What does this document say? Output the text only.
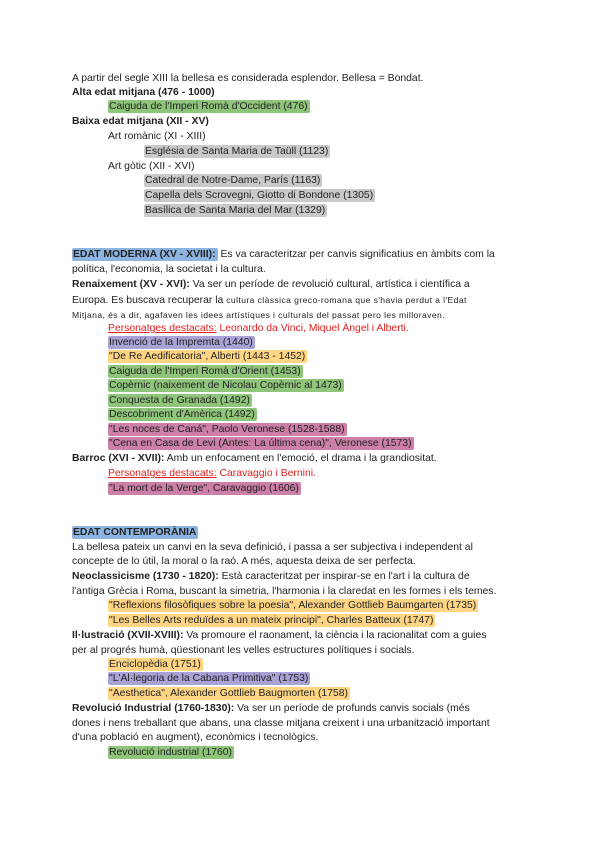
A partir del segle XIII la bellesa es considerada esplendor. Bellesa = Bondat.
Alta edat mitjana (476 - 1000)
Caiguda de l'Imperi Romà d'Occident (476)
Baixa edat mitjana (XII - XV)
Art romànic (XI - XIII)
Església de Santa Maria de Taüll (1123)
Art gòtic (XII - XVI)
Catedral de Notre-Dame, París (1163)
Capella dels Scrovegni, Giotto di Bondone (1305)
Basílica de Santa Maria del Mar (1329)
EDAT MODERNA (XV - XVIII): Es va caracteritzar per canvis significatius en àmbits com la
política, l'economia, la societat i la cultura.
Renaixement (XV - XVI): Va ser un període de revolució cultural, artística i científica a
Europa. Es buscava recuperar la cultura clàssica greco-romana que s'havia perdut a l'Edat
Mitjana, és a dir, agafaven les idees artístiques i culturals del passat pero les milloraven.
Personatges destacats: Leonardo da Vinci, Miquel Àngel i Alberti.
Invenció de la Impremta (1440)
"De Re Aedificatoria", Alberti (1443 - 1452)
Caiguda de l'Imperi Romà d'Orient (1453)
Copèrnic (naixement de Nicolau Copèrnic al 1473)
Conquesta de Granada (1492)
Descobriment d'Amèrica (1492)
"Les noces de Caná", Paolo Veronese (1528-1588)
"Cena en Casa de Levi (Antes: La última cena)", Veronese (1573)
Barroc (XVI - XVII): Amb un enfocament en l'emoció, el drama i la grandiositat.
Personatges destacats: Caravaggio i Bernini.
"La mort de la Verge", Caravaggio (1606)
EDAT CONTEMPORÀNIA
La bellesa pateix un canvi en la seva definició, i passa a ser subjectiva i independent al
concepte de lo útil, la moral o la raó. A més, aquesta deixa de ser perfecta.
Neoclassicisme (1730 - 1820): Està caracteritzat per inspirar-se en l'art i la cultura de
l'antiga Grècia i Roma, buscant la simetria, l'harmonia i la claredat en les formes i els temes.
"Reflexions filosòfiques sobre la poesia", Alexander Gottlieb Baumgarten (1735)
"Les Belles Arts reduïdes a un mateix principi", Charles Batteux (1747)
Il·lustració (XVII-XVIII): Va promoure el raonament, la ciència i la racionalitat com a guies
per al progrés humà, qüestionant les velles estructures polítiques i socials.
Enciclopèdia (1751)
"L'Al·legoria de la Cabana Primitiva" (1753)
"Aesthetica", Alexander Gottlieb Baugmorten (1758)
Revolució Industrial (1760-1830): Va ser un període de profunds canvis socials (més
dones i nens treballant que abans, una classe mitjana creixent i una urbanització important
d'una població en augment), econòmics i tecnològics.
Revolució industrial (1760)
